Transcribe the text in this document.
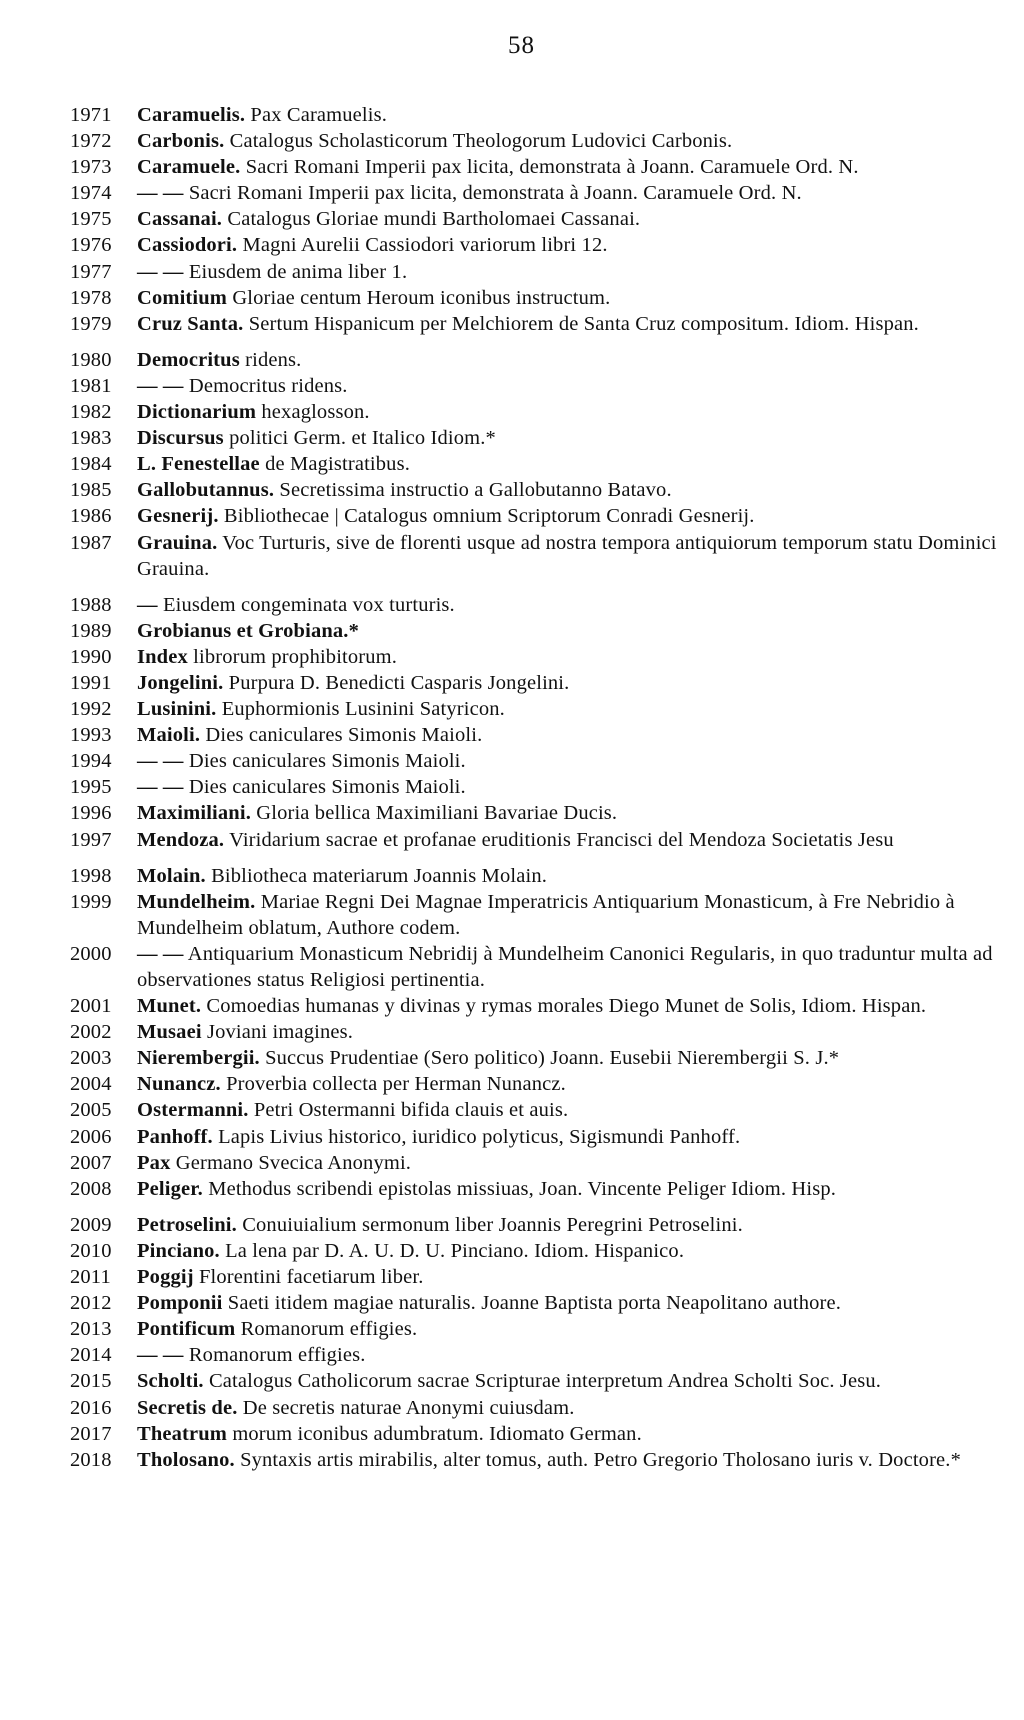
58
1971 Caramuelis. Pax Caramuelis.
1972 Carbonis. Catalogus Scholasticorum Theologorum Ludovici Carbonis.
1973 Caramuele. Sacri Romani Imperii pax licita, demonstrata à Joann. Caramuele Ord. N.
1974 — — Sacri Romani Imperii pax licita, demonstrata à Joann. Caramuele Ord. N.
1975 Cassanai. Catalogus Gloriae mundi Bartholomaei Cassanai.
1976 Cassiodori. Magni Aurelii Cassiodori variorum libri 12.
1977 — — Eiusdem de anima liber 1.
1978 Comitium Gloriae centum Heroum iconibus instructum.
1979 Cruz Santa. Sertum Hispanicum per Melchiorem de Santa Cruz compositum. Idiom. Hispan.
1980 Democritus ridens.
1981 — — Democritus ridens.
1982 Dictionarium hexaglosson.
1983 Discursus politici Germ. et Italico Idiom.*
1984 L. Fenestellae de Magistratibus.
1985 Gallobutannus. Secretissima instructio a Gallobutanno Batavo.
1986 Gesnerij. Bibliothecae | Catalogus omnium Scriptorum Conradi Gesnerij.
1987 Grauina. Voc Turturis, sive de florenti usque ad nostra tempora antiquiorum temporum statu Dominici Grauina.
1988 — Eiusdem congeminata vox turturis.
1989 Grobianus et Grobiana.*
1990 Index librorum prophibitorum.
1991 Jongelini. Purpura D. Benedicti Casparis Jongelini.
1992 Lusinini. Euphormionis Lusinini Satyricon.
1993 Maioli. Dies caniculares Simonis Maioli.
1994 — — Dies caniculares Simonis Maioli.
1995 — — Dies caniculares Simonis Maioli.
1996 Maximiliani. Gloria bellica Maximiliani Bavariae Ducis.
1997 Mendoza. Viridarium sacrae et profanae eruditionis Francisci del Mendoza Societatis Jesu
1998 Molain. Bibliotheca materiarum Joannis Molain.
1999 Mundelheim. Mariae Regni Dei Magnae Imperatricis Antiquarium Monasticum, à Fre Nebridio à Mundelheim oblatum, Authore codem.
2000 — — Antiquarium Monasticum Nebridij à Mundelheim Canonici Regularis, in quo traduntur multa ad observationes status Religiosi pertinentia.
2001 Munet. Comoedias humanas y divinas y rymas morales Diego Munet de Solis, Idiom. Hispan.
2002 Musaei Joviani imagines.
2003 Nierembergii. Succus Prudentiae (Sero politico) Joann. Eusebii Nierembergii S. J.*
2004 Nunancz. Proverbia collecta per Herman Nunancz.
2005 Ostermanni. Petri Ostermanni bifida clauis et auis.
2006 Panhoff. Lapis Livius historico, iuridico polyticus, Sigismundi Panhoff.
2007 Pax Germano Svecica Anonymi.
2008 Peliger. Methodus scribendi epistolas missiuas, Joan. Vincente Peliger Idiom. Hisp.
2009 Petroselini. Conuiuialium sermonum liber Joannis Peregrini Petroselini.
2010 Pinciano. La lena par D. A. U. D. U. Pinciano. Idiom. Hispanico.
2011 Poggij Florentini facetiarum liber.
2012 Pomponii Saeti itidem magiae naturalis. Joanne Baptista porta Neapolitano authore.
2013 Pontificum Romanorum effigies.
2014 — — Romanorum effigies.
2015 Scholti. Catalogus Catholicorum sacrae Scripturae interpretum Andrea Scholti Soc. Jesu.
2016 Secretis de. De secretis naturae Anonymi cuiusdam.
2017 Theatrum morum iconibus adumbratum. Idiomato German.
2018 Tholosano. Syntaxis artis mirabilis, alter tomus, auth. Petro Gregorio Tholosano iuris v. Doctore.*
